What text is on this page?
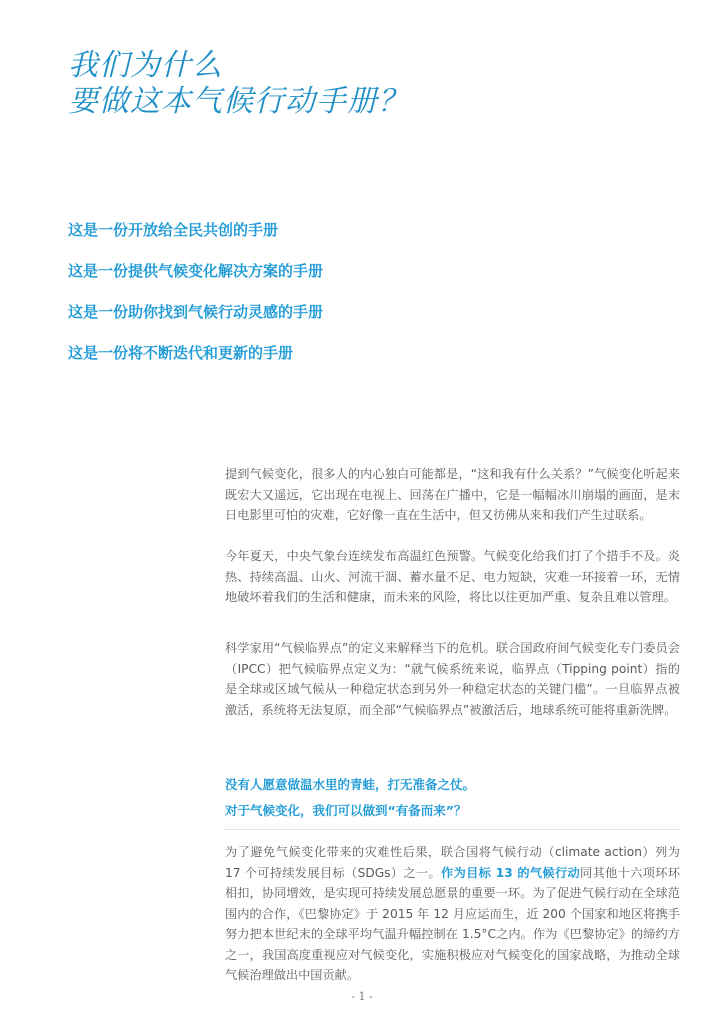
我们为什么
要做这本气候行动手册？
这是一份开放给全民共创的手册
这是一份提供气候变化解决方案的手册
这是一份助你找到气候行动灵感的手册
这是一份将不断迭代和更新的手册

提到气候变化，很多人的内心独白可能都是，“这和我有什么关系？”气候变化听起来既宏大又遥远，它出现在电视上、回荡在广播中，它是一幅幅冰川崩塌的画面，是末日电影里可怕的灾难，它好像一直在生活中，但又彷佛从来和我们产生过联系。

今年夏天，中央气象台连续发布高温红色预警。气候变化给我们打了个措手不及。炎热、持续高温、山火、河流干涸、蓄水量不足、电力短缺，灾难一环接着一环，无情地破坏着我们的生活和健康，而未来的风险，将比以往更加严重、复杂且难以管理。

科学家用“气候临界点”的定义来解释当下的危机。联合国政府间气候变化专门委员会（IPCC）把气候临界点定义为：“就气候系统来说，临界点（Tipping point）指的是全球或区域气候从一种稳定状态到另外一种稳定状态的关键门槛”。一旦临界点被激活，系统将无法复原，而全部“气候临界点”被激活后，地球系统可能将重新洗牌。

没有人愿意做温水里的青蛙，打无准备之仗。

对于气候变化，我们可以做到“有备而来”？

为了避免气候变化带来的灾难性后果，联合国将气候行动（climate action）列为 17 个可持续发展目标（SDGs）之一。作为目标 13 的气候行动同其他十六项环环相扣，协同增效，是实现可持续发展总愿景的重要一环。为了促进气候行动在全球范围内的合作，《巴黎协定》于 2015 年 12 月应运而生，近 200 个国家和地区将携手努力把本世纪末的全球平均气温升幅控制在 1.5°C之内。作为《巴黎协定》的缔约方之一，我国高度重视应对气候变化，实施积极应对气候变化的国家战略，为推动全球气候治理做出中国贡献。

- 1 -
